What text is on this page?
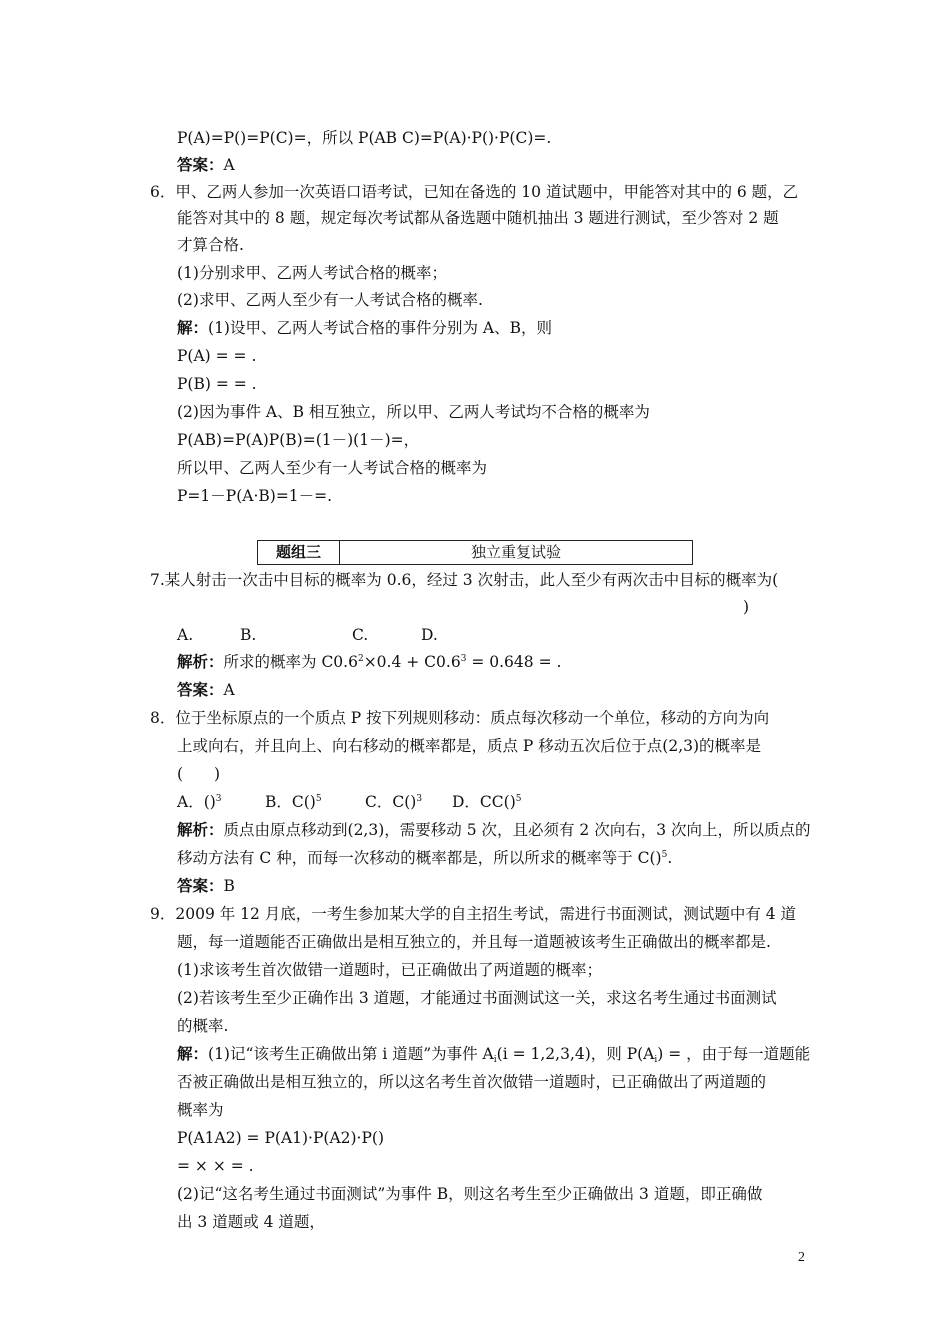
P(A)=P()=P(C)=，所以 P(AB C)=P(A)·P()·P(C)=.
答案：A
6．甲、乙两人参加一次英语口语考试，已知在备选的 10 道试题中，甲能答对其中的 6 题，乙
能答对其中的 8 题，规定每次考试都从备选题中随机抽出 3 题进行测试，至少答对 2 题
才算合格.
(1)分别求甲、乙两人考试合格的概率；
(2)求甲、乙两人至少有一人考试合格的概率.
解：(1)设甲、乙两人考试合格的事件分别为 A、B，则
P(A) = = .
P(B) = = .
(2)因为事件 A、B 相互独立，所以甲、乙两人考试均不合格的概率为
P(AB)=P(A)P(B)=(1－)(1－)=，
所以甲、乙两人至少有一人考试合格的概率为
P=1－P(A·B)=1－=.
题组三	独立重复试验
7.某人射击一次击中目标的概率为 0.6，经过 3 次射击，此人至少有两次击中目标的概率为(
)
A.	B.	C.	D.
解析：所求的概率为 $C0.6^2\times 0.4 + C0.6^3 = 0.648$ = .
答案：A
8．位于坐标原点的一个质点 P 按下列规则移动：质点每次移动一个单位，移动的方向为向
上或向右，并且向上、向右移动的概率都是，质点 P 移动五次后位于点(2,3)的概率是
(　　)
A．()$^3$	B．C()$^5$	C．C()$^3$ D．CC()$^5$
解析：质点由原点移动到(2,3)，需要移动 5 次，且必须有 2 次向右，3 次向上，所以质点的
移动方法有 C 种，而每一次移动的概率都是，所以所求的概率等于 C()$^5$.
答案：B
9．2009 年 12 月底，一考生参加某大学的自主招生考试，需进行书面测试，测试题中有 4 道
题，每一道题能否正确做出是相互独立的，并且每一道题被该考生正确做出的概率都是.
(1)求该考生首次做错一道题时，已正确做出了两道题的概率；
(2)若该考生至少正确作出 3 道题，才能通过书面测试这一关，求这名考生通过书面测试
的概率.
解：(1)记“该考生正确做出第 i 道题”为事件 $A_i(i = 1,2,3,4)$，则 $P(A_i)$ = ，由于每一道题能
否被正确做出是相互独立的，所以这名考生首次做错一道题时，已正确做出了两道题的
概率为
P(A1A2) = P(A1)·P(A2)·P()
= × × = .
(2)记“这名考生通过书面测试”为事件 B，则这名考生至少正确做出 3 道题，即正确做
出 3 道题或 4 道题，
2
